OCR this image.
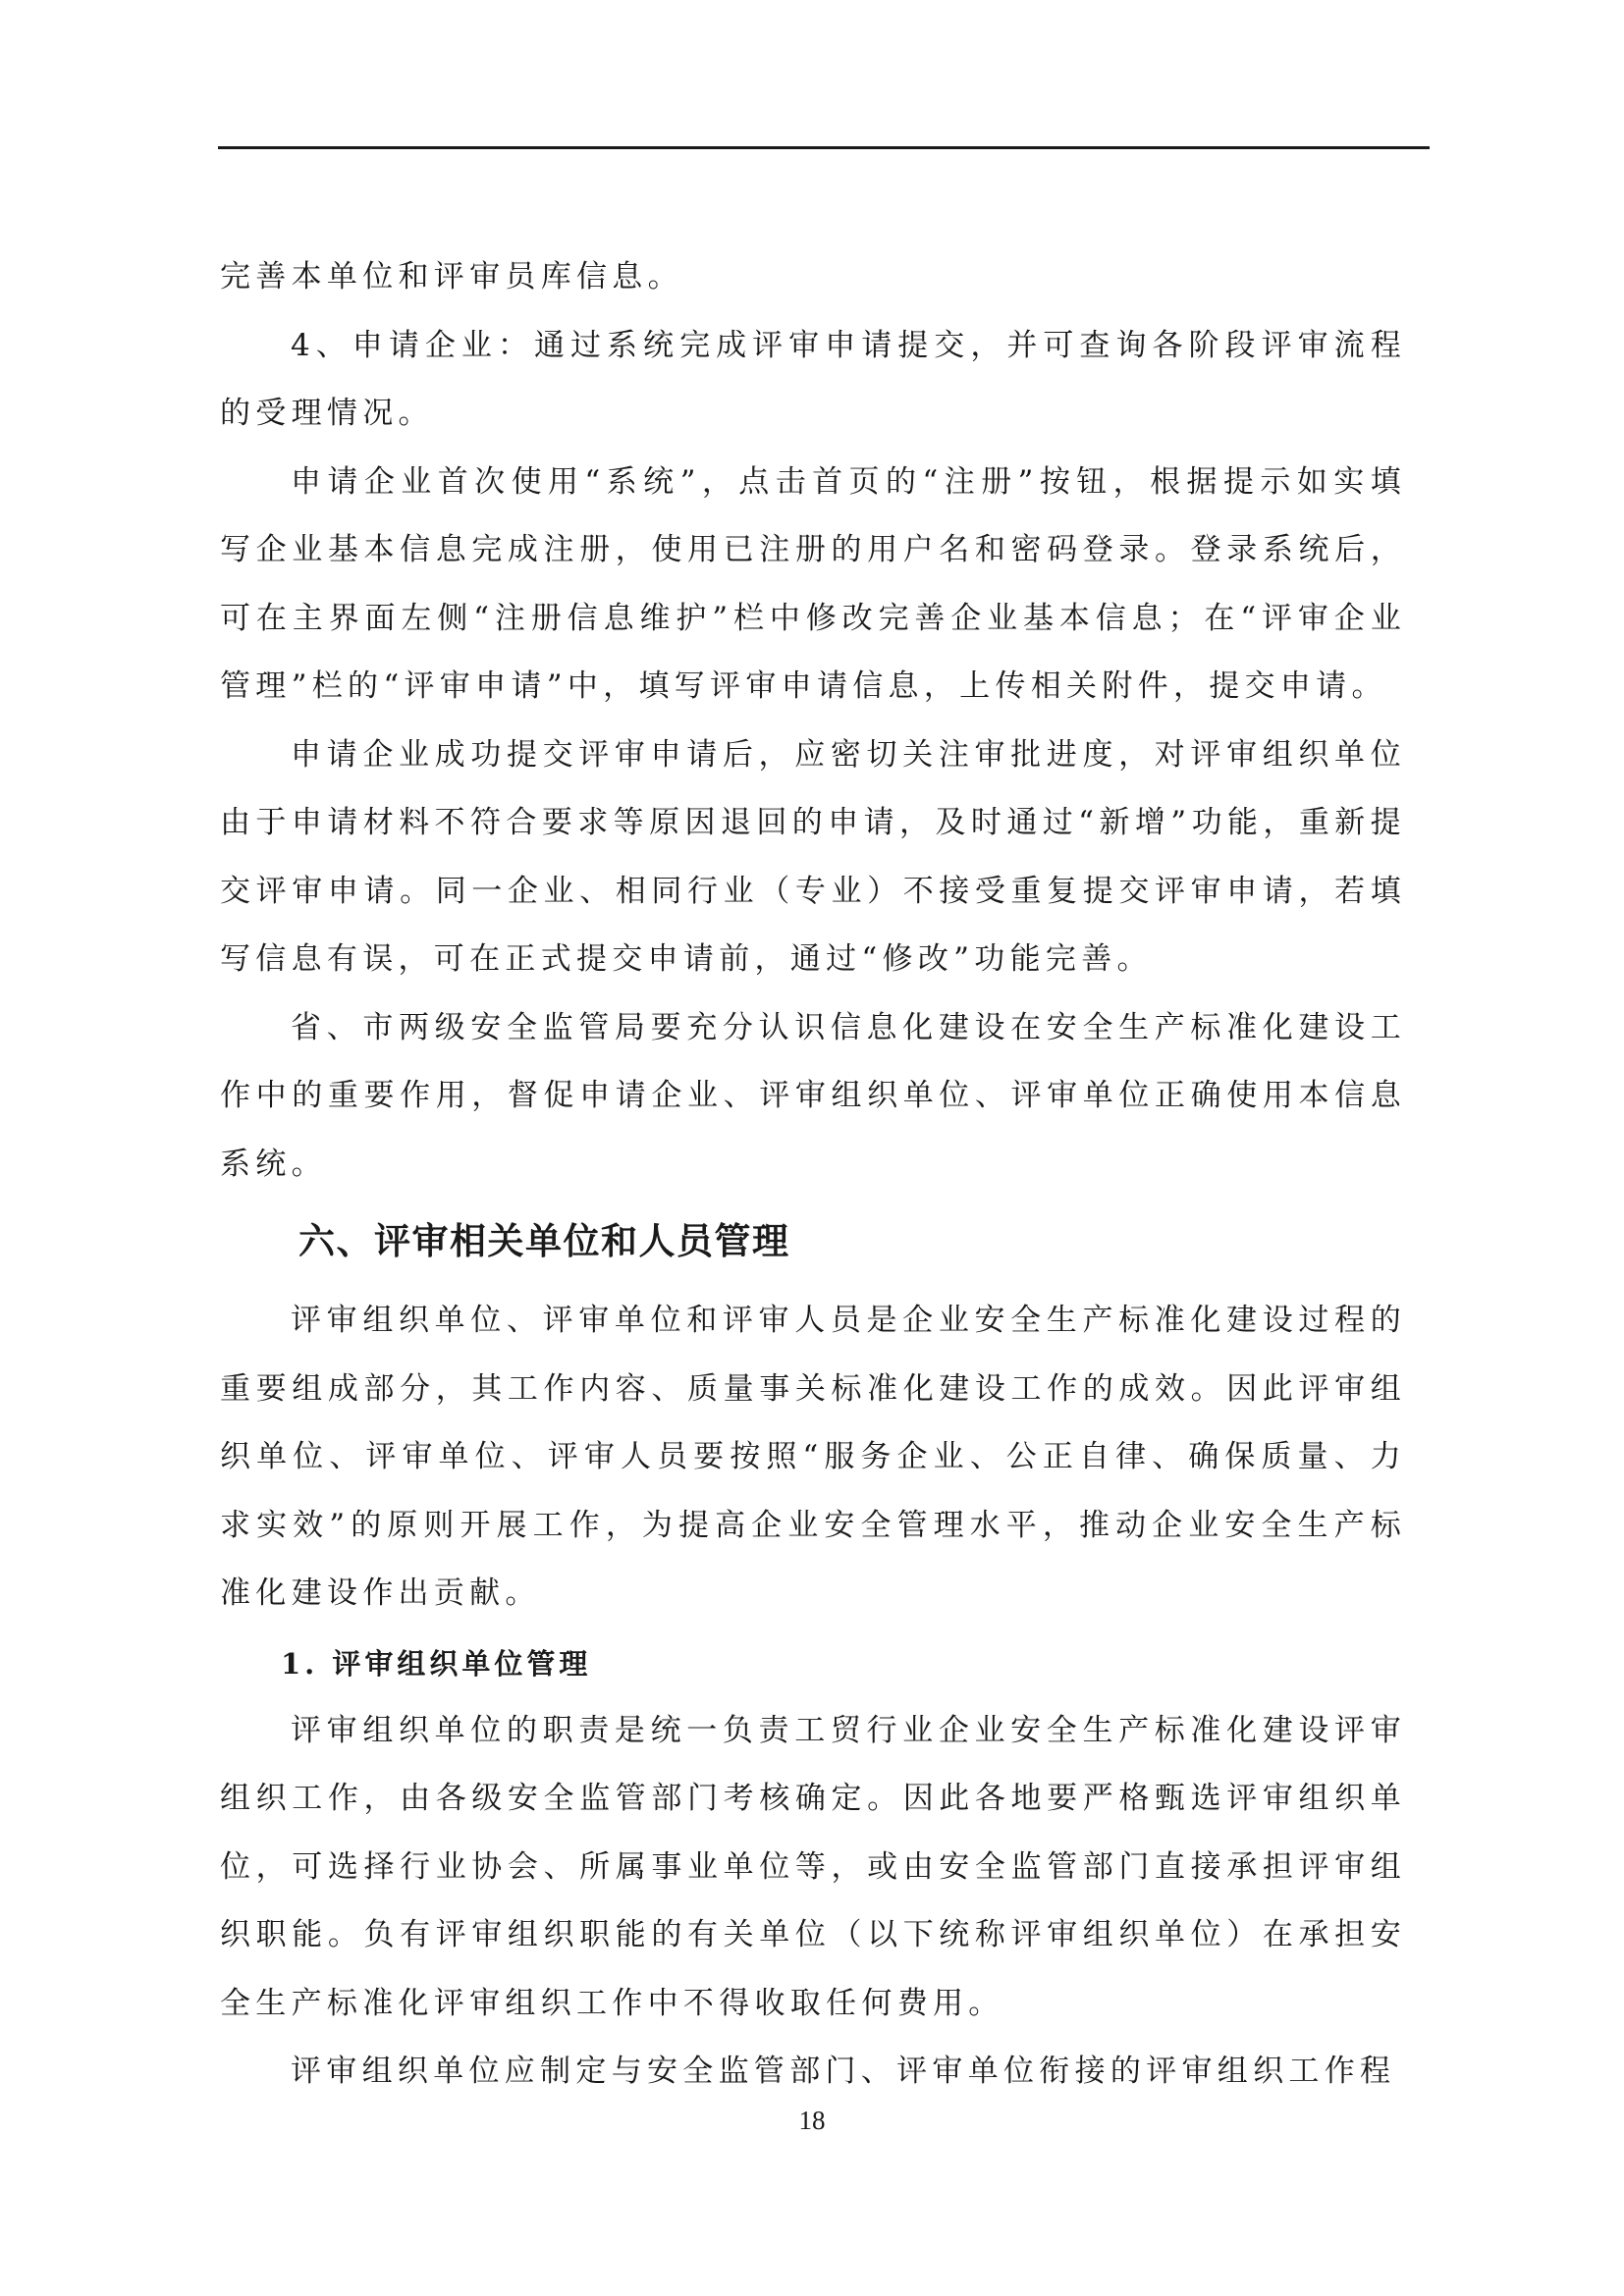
完善本单位和评审员库信息。

4、申请企业：通过系统完成评审申请提交，并可查询各阶段评审流程的受理情况。

申请企业首次使用“系统”，点击首页的“注册”按钮，根据提示如实填写企业基本信息完成注册，使用已注册的用户名和密码登录。登录系统后，可在主界面左侧“注册信息维护”栏中修改完善企业基本信息；在“评审企业管理”栏的“评审申请”中，填写评审申请信息，上传相关附件，提交申请。

申请企业成功提交评审申请后，应密切关注审批进度，对评审组织单位由于申请材料不符合要求等原因退回的申请，及时通过“新增”功能，重新提交评审申请。同一企业、相同行业（专业）不接受重复提交评审申请，若填写信息有误，可在正式提交申请前，通过“修改”功能完善。

省、市两级安全监管局要充分认识信息化建设在安全生产标准化建设工作中的重要作用，督促申请企业、评审组织单位、评审单位正确使用本信息系统。

六、评审相关单位和人员管理

评审组织单位、评审单位和评审人员是企业安全生产标准化建设过程的重要组成部分，其工作内容、质量事关标准化建设工作的成效。因此评审组织单位、评审单位、评审人员要按照“服务企业、公正自律、确保质量、力求实效”的原则开展工作，为提高企业安全管理水平，推动企业安全生产标准化建设作出贡献。

1. 评审组织单位管理

评审组织单位的职责是统一负责工贸行业企业安全生产标准化建设评审组织工作，由各级安全监管部门考核确定。因此各地要严格甄选评审组织单位，可选择行业协会、所属事业单位等，或由安全监管部门直接承担评审组织职能。负有评审组织职能的有关单位（以下统称评审组织单位）在承担安全生产标准化评审组织工作中不得收取任何费用。

评审组织单位应制定与安全监管部门、评审单位衔接的评审组织工作程

18
